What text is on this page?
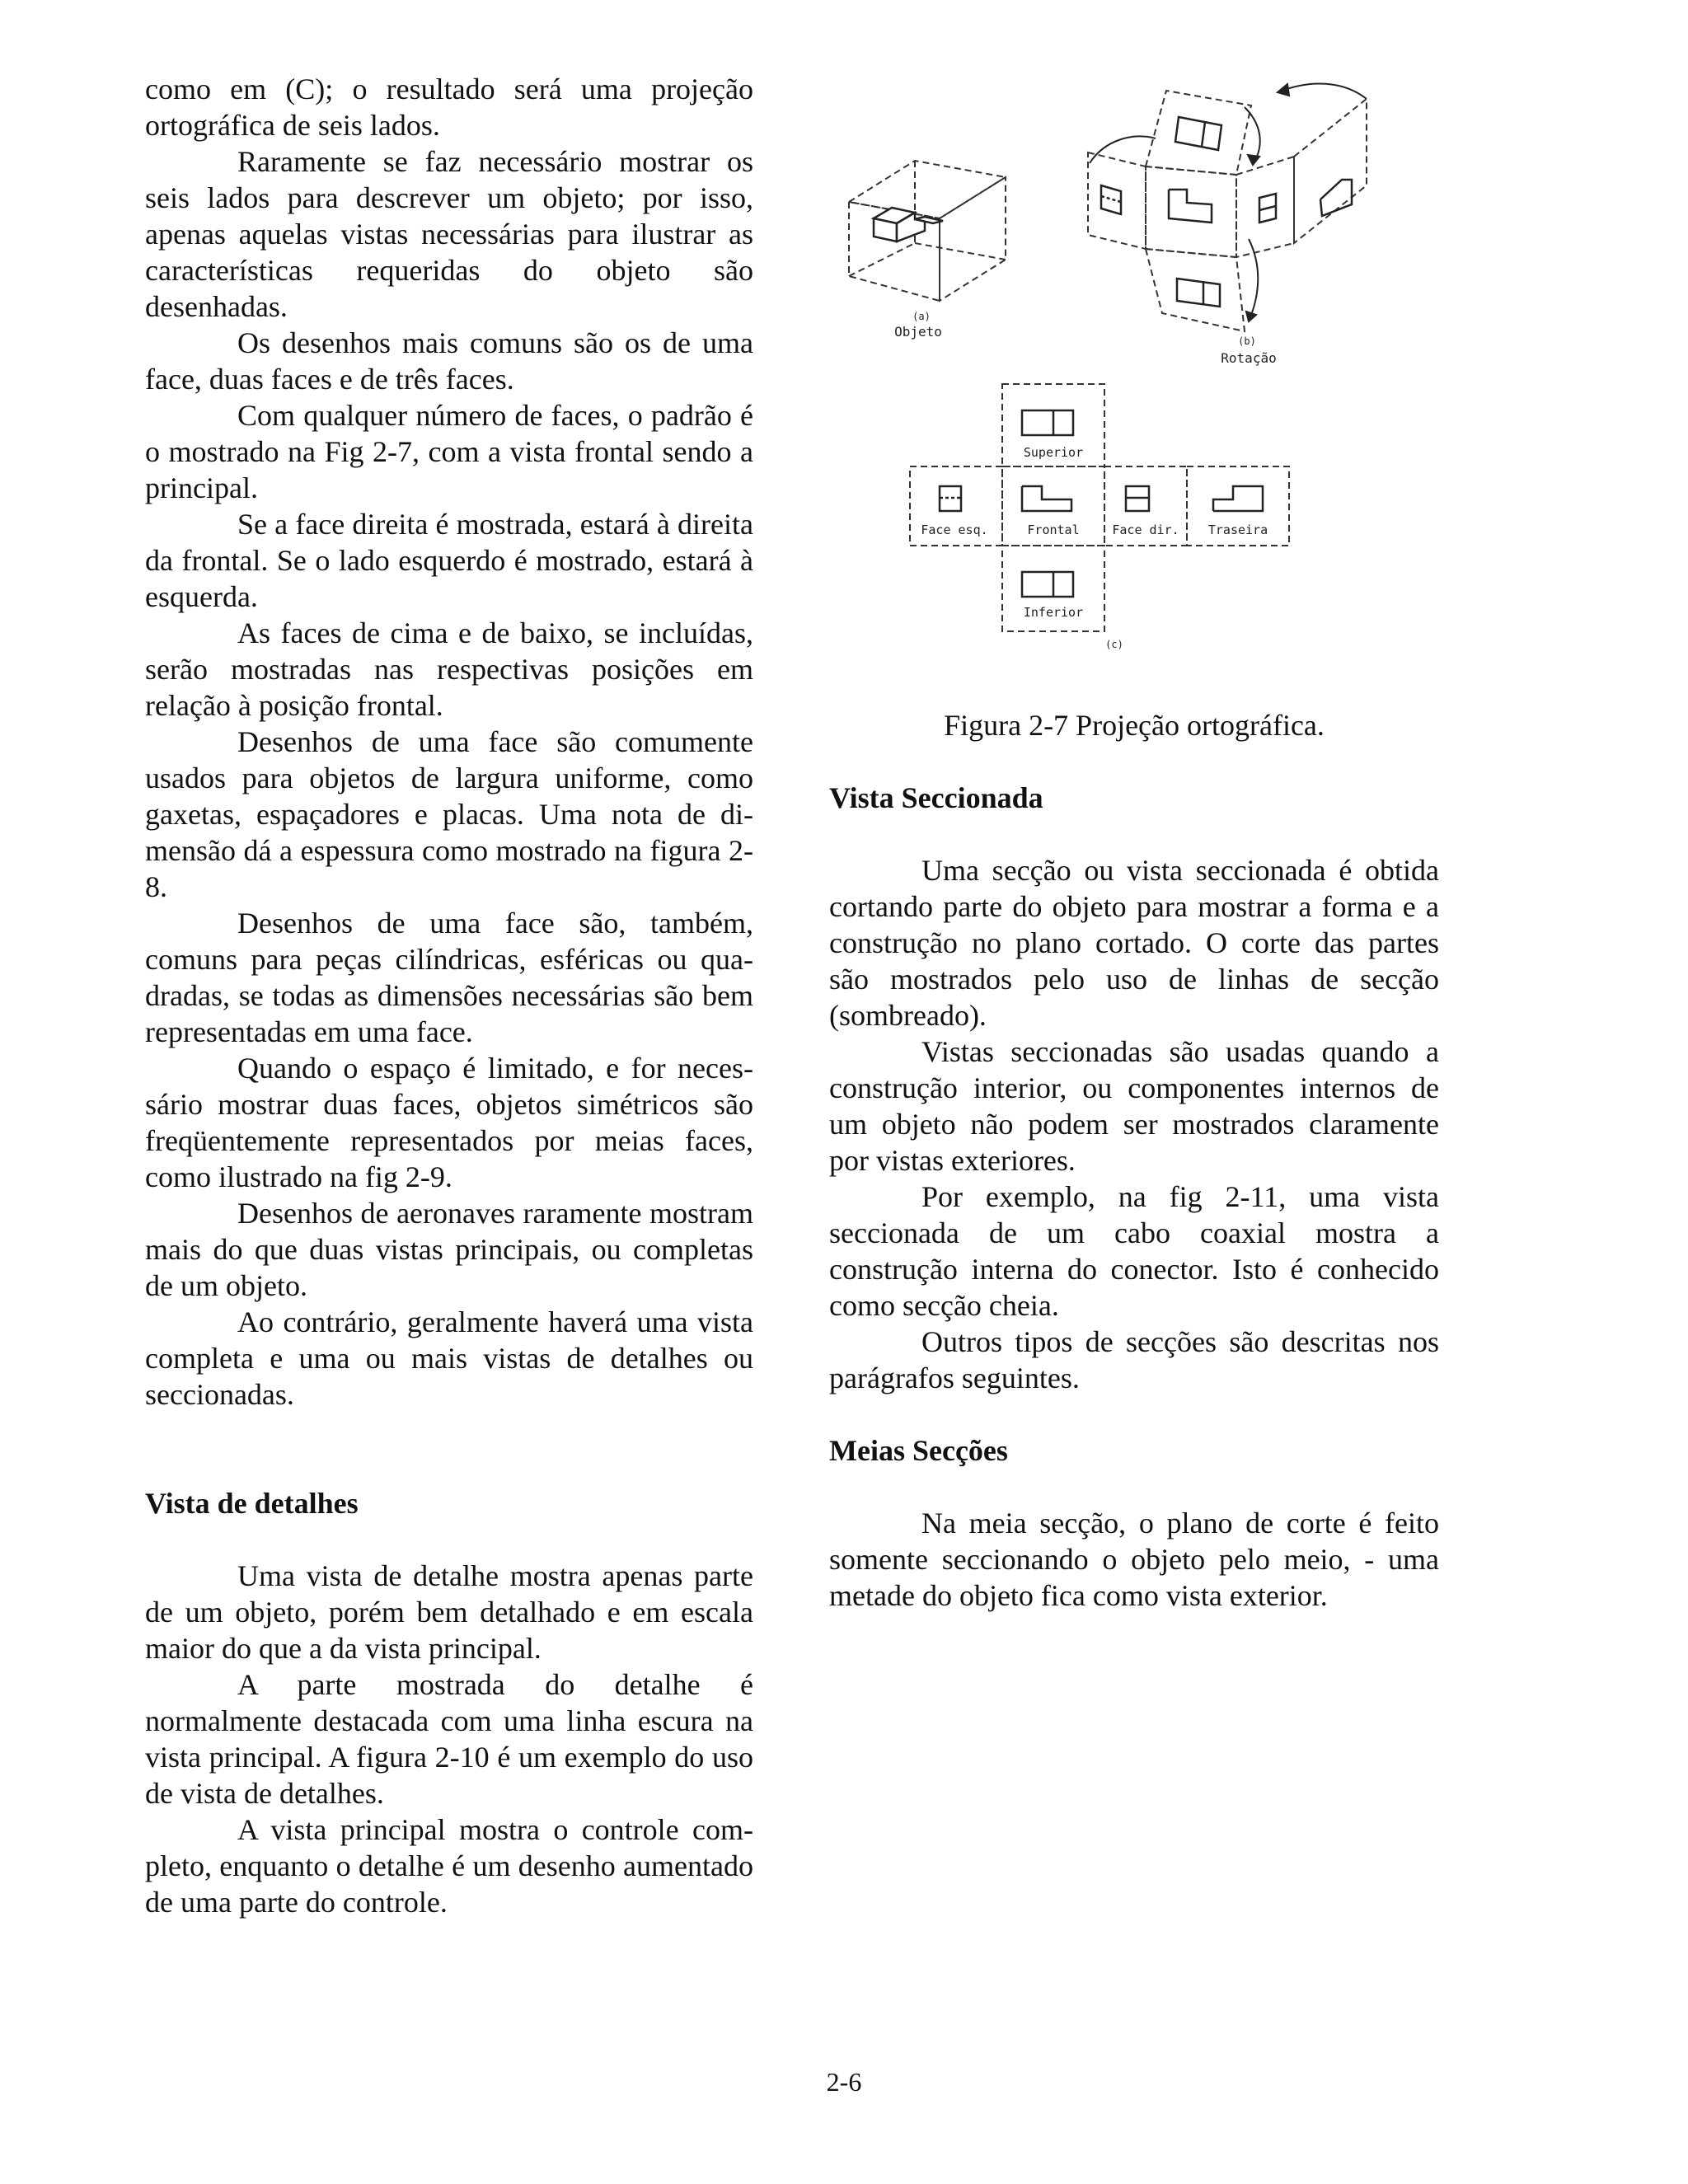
como em (C); o resultado será uma projeção ortográfica de seis lados.

Raramente se faz necessário mostrar os seis lados para descrever um objeto; por isso, apenas aquelas vistas necessárias para ilustrar as características requeridas do objeto são desenhadas.

Os desenhos mais comuns são os de uma face, duas faces e de três faces.

Com qualquer número de faces, o padrão é o mostrado na Fig 2-7, com a vista frontal sendo a principal.

Se a face direita é mostrada, estará à direita da frontal. Se o lado esquerdo é mostrado, estará à esquerda.

As faces de cima e de baixo, se incluídas, serão mostradas nas respectivas posições em relação à posição frontal.

Desenhos de uma face são comumente usados para objetos de largura uniforme, como gaxetas, espaçadores e placas. Uma nota de dimensão dá a espessura como mostrado na figura 2-8.

Desenhos de uma face são, também, comuns para peças cilíndricas, esféricas ou quadradas, se todas as dimensões necessárias são bem representadas em uma face.

Quando o espaço é limitado, e for necessário mostrar duas faces, objetos simétricos são freqüentemente representados por meias faces, como ilustrado na fig 2-9.

Desenhos de aeronaves raramente mostram mais do que duas vistas principais, ou completas de um objeto.

Ao contrário, geralmente haverá uma vista completa e uma ou mais vistas de detalhes ou seccionadas.

Vista de detalhes

Uma vista de detalhe mostra apenas parte de um objeto, porém bem detalhado e em escala maior do que a da vista principal.

A parte mostrada do detalhe é normalmente destacada com uma linha escura na vista principal. A figura 2-10 é um exemplo do uso de vista de detalhes.

A vista principal mostra o controle completo, enquanto o detalhe é um desenho aumentado de uma parte do controle.

(a)
Objeto
(b)
Rotação
Superior
Face esq.	Frontal	Face dir. Traseira
Inferior
(c)
Figura 2-7 Projeção ortográfica.
Vista Seccionada

Uma secção ou vista seccionada é obtida cortando parte do objeto para mostrar a forma e a construção no plano cortado. O corte das partes são mostrados pelo uso de linhas de secção (sombreado).

Vistas seccionadas são usadas quando a construção interior, ou componentes internos de um objeto não podem ser mostrados claramente por vistas exteriores.

Por exemplo, na fig 2-11, uma vista seccionada de um cabo coaxial mostra a construção interna do conector. Isto é conhecido como secção cheia.

Outros tipos de secções são descritas nos parágrafos seguintes.

Meias Secções

Na meia secção, o plano de corte é feito somente seccionando o objeto pelo meio, - uma metade do objeto fica como vista exterior.

2-6
